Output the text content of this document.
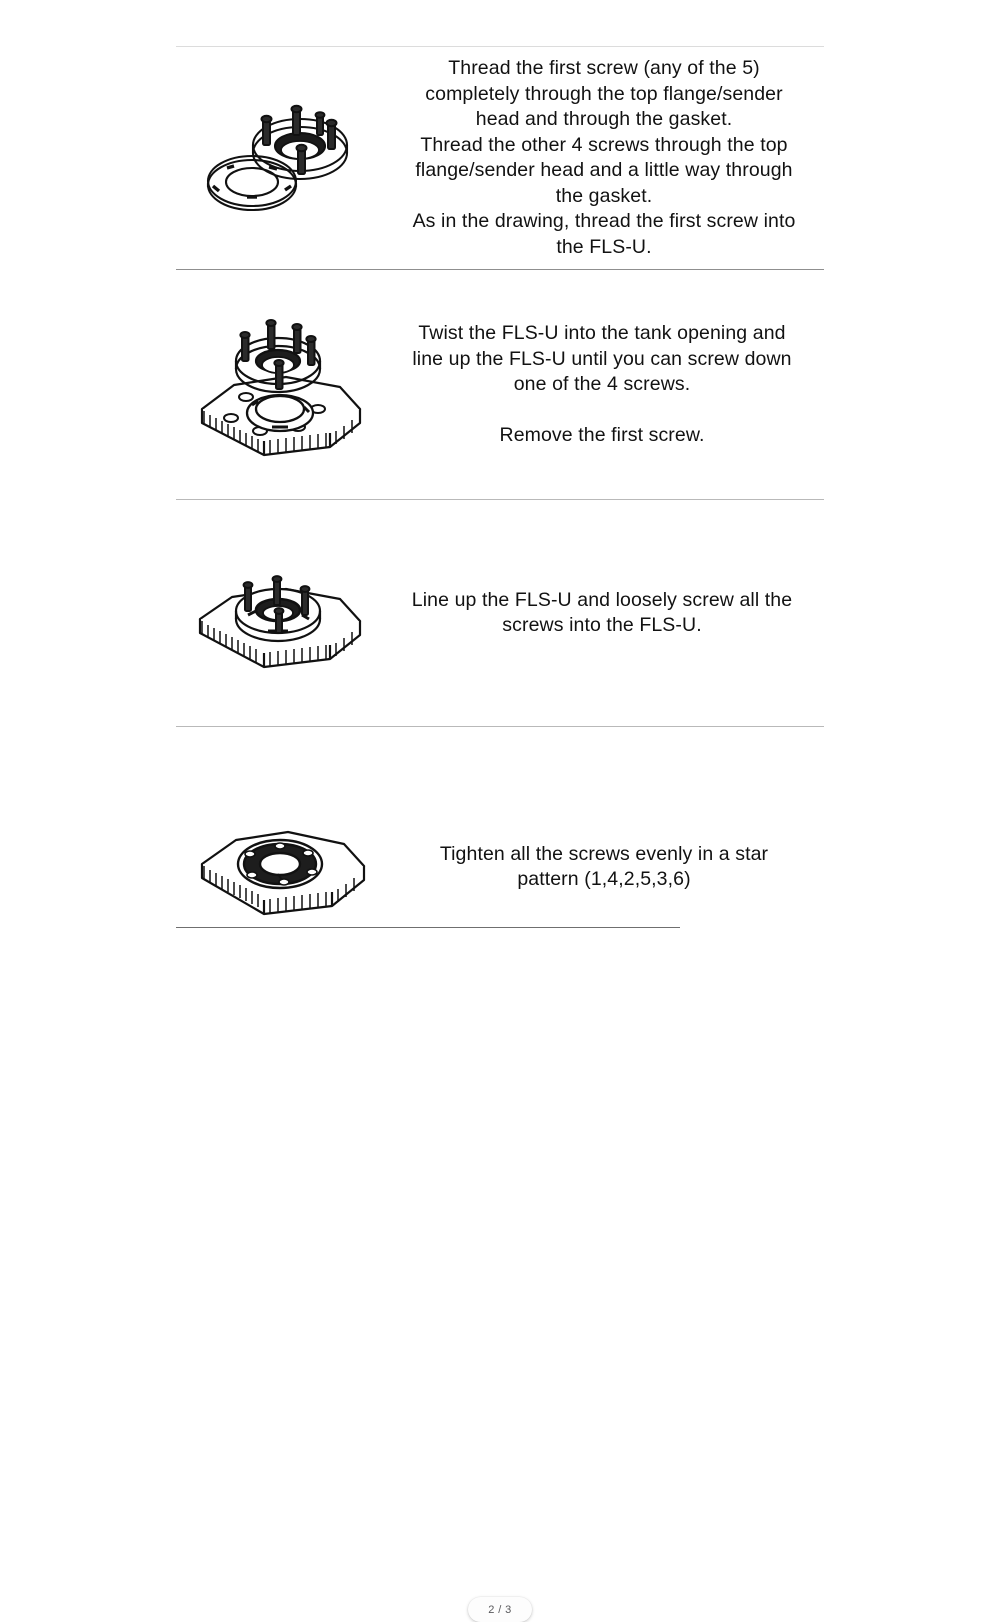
Thread the first screw (any of the 5)

completely through the top flange/sender

head and through the gasket.

Thread the other 4 screws through the top

flange/sender head and a little way through

the gasket.

As in the drawing, thread the first screw into

the FLS-U.

Twist the FLS-U into the tank opening and

line up the FLS-U until you can screw down

one of the 4 screws.

Remove the first screw.

Line up the FLS-U and loosely screw all the

screws into the FLS-U.

Tighten all the screws evenly in a star

pattern (1,4,2,5,3,6)

2 / 3
